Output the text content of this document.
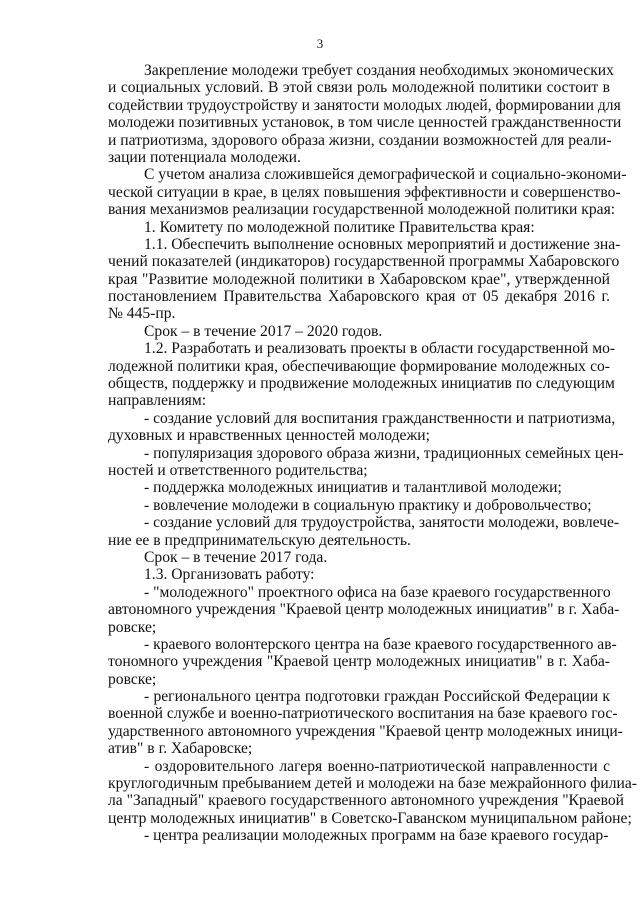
3
Закрепление молодежи требует создания необходимых экономических
и социальных условий. В этой связи роль молодежной политики состоит в
содействии трудоустройству и занятости молодых людей, формировании для
молодежи позитивных установок, в том числе ценностей гражданственности
и патриотизма, здорового образа жизни, создании возможностей для реали-
зации потенциала молодежи.
С учетом анализа сложившейся демографической и социально-экономи-
ческой ситуации в крае, в целях повышения эффективности и совершенство-
вания механизмов реализации государственной молодежной политики края:
1. Комитету по молодежной политике Правительства края:
1.1. Обеспечить выполнение основных мероприятий и достижение зна-
чений показателей (индикаторов) государственной программы Хабаровского
края "Развитие молодежной политики в Хабаровском крае", утвержденной
постановлением Правительства Хабаровского края от 05 декабря 2016 г.
№ 445-пр.
Срок – в течение 2017 – 2020 годов.
1.2. Разработать и реализовать проекты в области государственной мо-
лодежной политики края, обеспечивающие формирование молодежных со-
обществ, поддержку и продвижение молодежных инициатив по следующим
направлениям:
- создание условий для воспитания гражданственности и патриотизма,
духовных и нравственных ценностей молодежи;
- популяризация здорового образа жизни, традиционных семейных цен-
ностей и ответственного родительства;
- поддержка молодежных инициатив и талантливой молодежи;
- вовлечение молодежи в социальную практику и добровольчество;
- создание условий для трудоустройства, занятости молодежи, вовлече-
ние ее в предпринимательскую деятельность.
Срок – в течение 2017 года.
1.3. Организовать работу:
- "молодежного" проектного офиса на базе краевого государственного
автономного учреждения "Краевой центр молодежных инициатив" в г. Хаба-
ровске;
- краевого волонтерского центра на базе краевого государственного ав-
тономного учреждения "Краевой центр молодежных инициатив" в г. Хаба-
ровске;
- регионального центра подготовки граждан Российской Федерации к
военной службе и военно-патриотического воспитания на базе краевого гос-
ударственного автономного учреждения "Краевой центр молодежных иници-
атив" в г. Хабаровске;
- оздоровительного лагеря военно-патриотической направленности с
круглогодичным пребыванием детей и молодежи на базе межрайонного филиа-
ла "Западный" краевого государственного автономного учреждения "Краевой
центр молодежных инициатив" в Советско-Гаванском муниципальном районе;
- центра реализации молодежных программ на базе краевого государ-
